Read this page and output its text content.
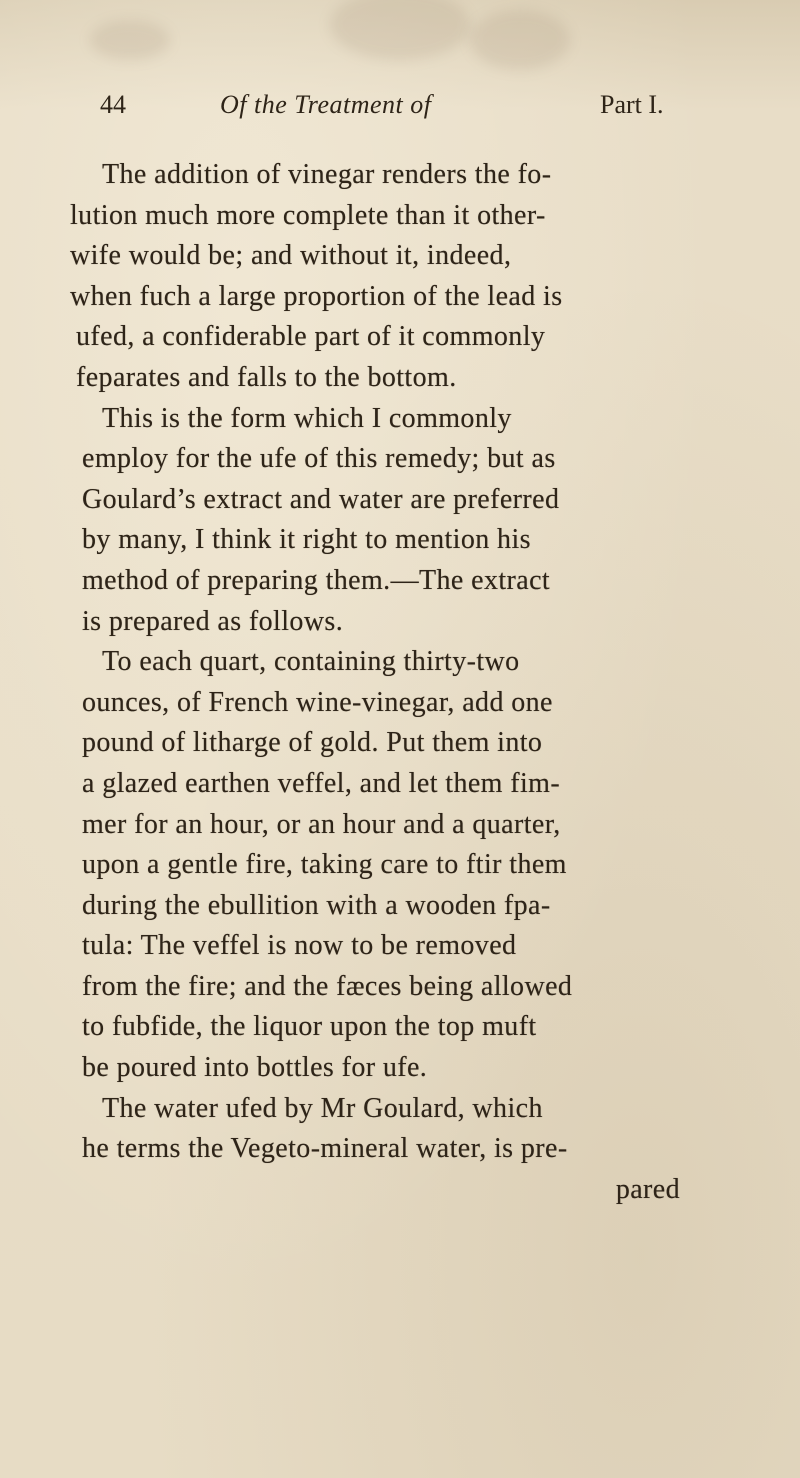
44	Of the Treatment of	Part I.
The addition of vinegar renders the fo-
lution much more complete than it other-
wife would be; and without it, indeed,
when fuch a large proportion of the lead is
ufed, a confiderable part of it commonly
feparates and falls to the bottom.
This is the form which I commonly
employ for the ufe of this remedy; but as
Goulard’s extract and water are preferred
by many, I think it right to mention his
method of preparing them.—The extract
is prepared as follows.
To each quart, containing thirty-two
ounces, of French wine-vinegar, add one
pound of litharge of gold. Put them into
a glazed earthen veffel, and let them fim-
mer for an hour, or an hour and a quarter,
upon a gentle fire, taking care to ftir them
during the ebullition with a wooden fpa-
tula: The veffel is now to be removed
from the fire; and the fæces being allowed
to fubfide, the liquor upon the top muft
be poured into bottles for ufe.
The water ufed by Mr Goulard, which
he terms the Vegeto-mineral water, is pre-
pared
